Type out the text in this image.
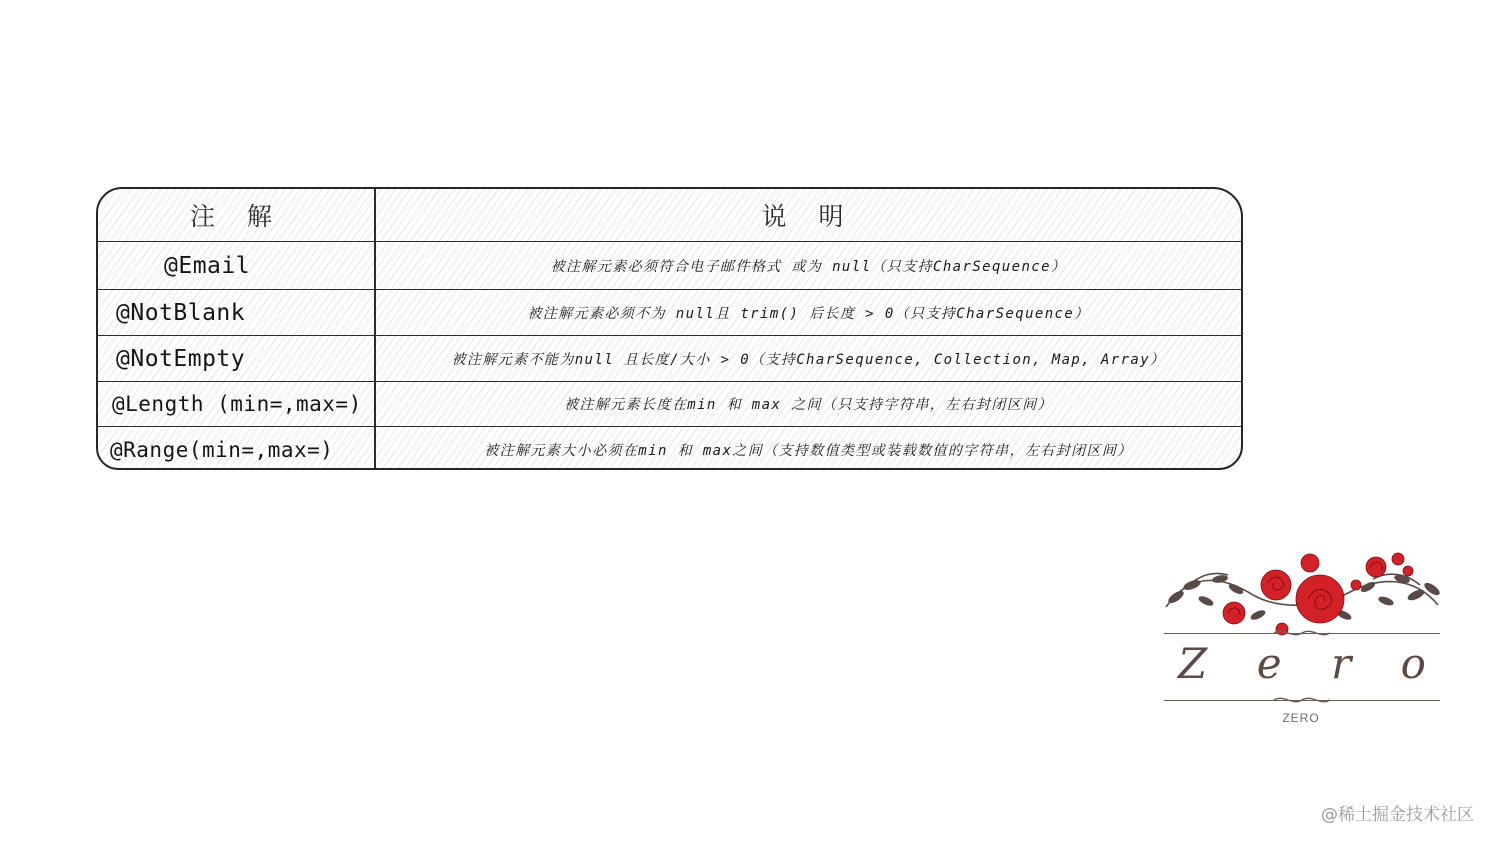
注 解	说 明
@Email	被注解元素必须符合电子邮件格式 或为 null（只支持CharSequence）
@NotBlank	被注解元素必须不为 null且 trim() 后长度 > 0（只支持CharSequence）
@NotEmpty	被注解元素不能为null 且长度/大小 > 0（支持CharSequence, Collection, Map, Array）
@Length (min=,max=)	被注解元素长度在min 和 max 之间（只支持字符串，左右封闭区间）
@Range(min=,max=)	被注解元素大小必须在min 和 max之间（支持数值类型或装载数值的字符串，左右封闭区间）
Z e r o
ZERO
@稀土掘金技术社区
